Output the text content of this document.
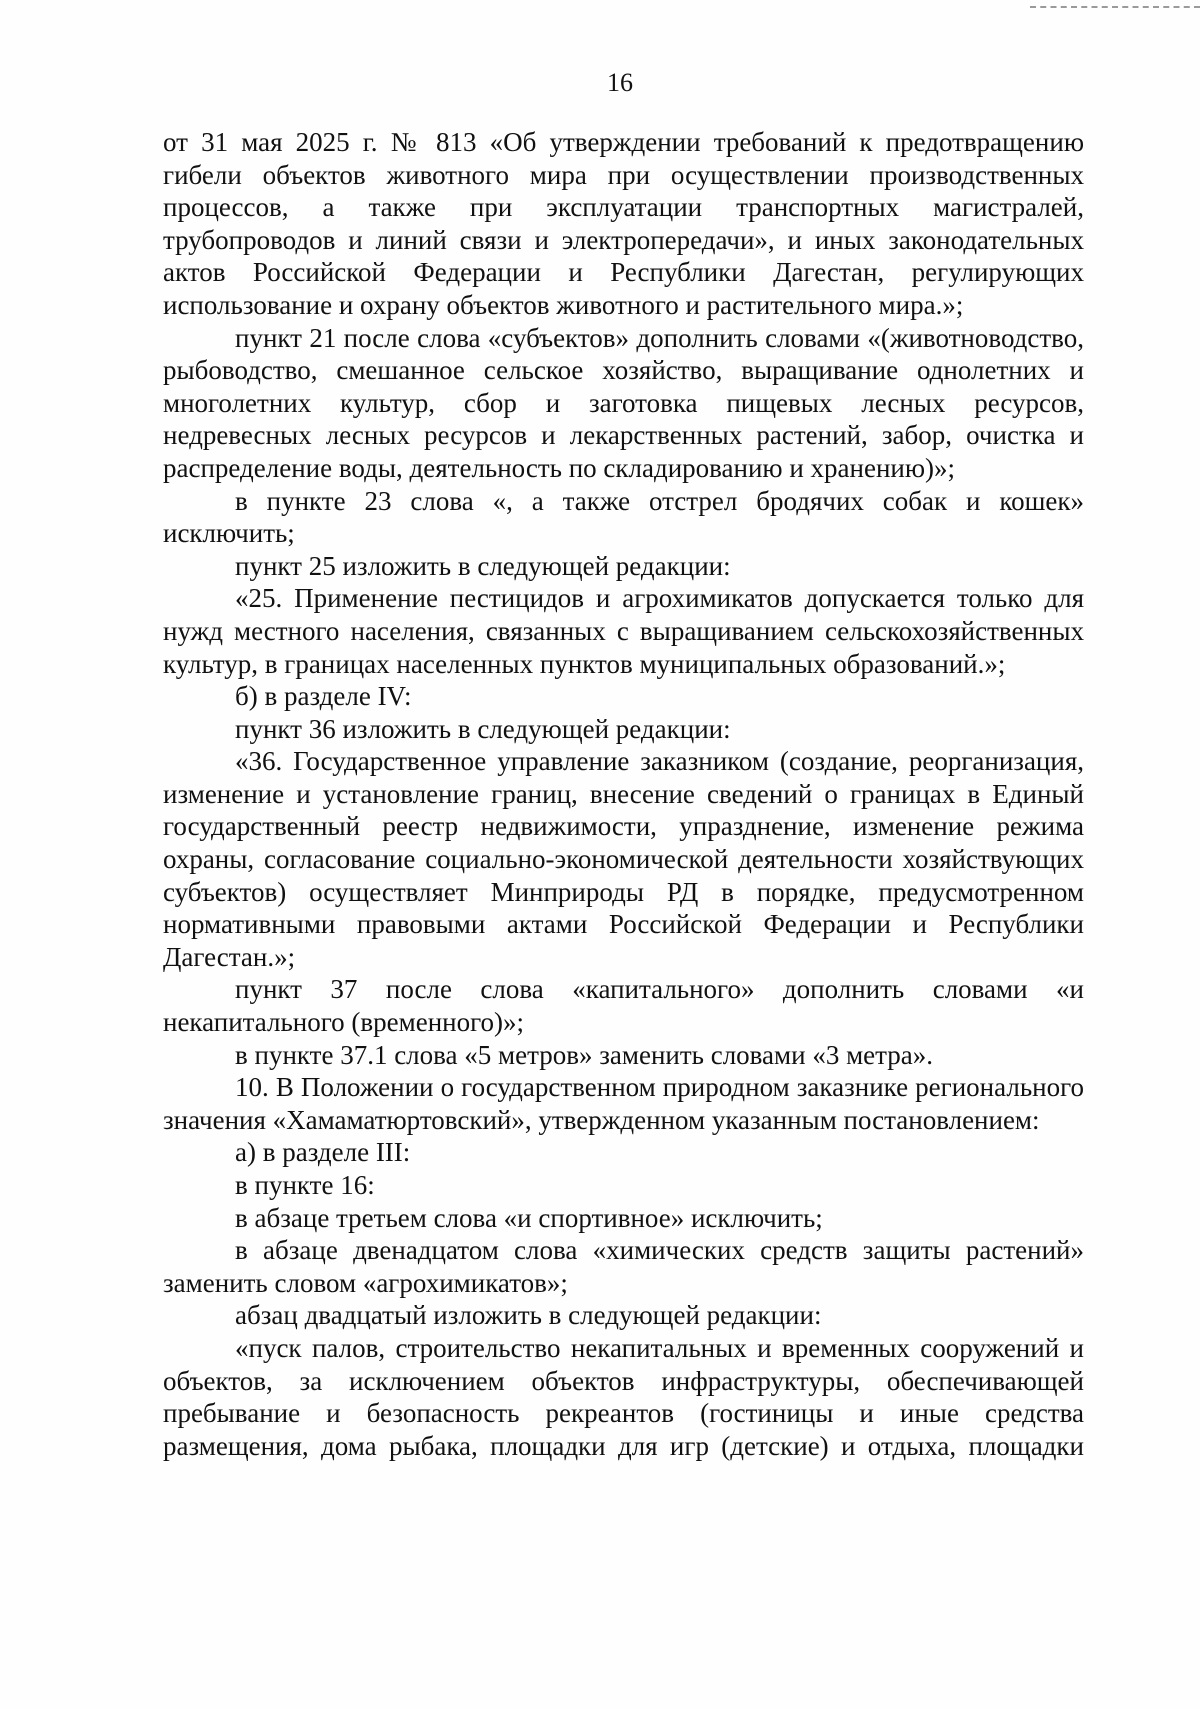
16

от 31 мая 2025 г. № 813 «Об утверждении требований к предотвращению гибели объектов животного мира при осуществлении производственных процессов, а также при эксплуатации транспортных магистралей, трубопроводов и линий связи и электропередачи», и иных законодательных актов Российской Федерации и Республики Дагестан, регулирующих использование и охрану объектов животного и растительного мира.»;

пункт 21 после слова «субъектов» дополнить словами «(животноводство, рыбоводство, смешанное сельское хозяйство, выращивание однолетних и многолетних культур, сбор и заготовка пищевых лесных ресурсов, недревесных лесных ресурсов и лекарственных растений, забор, очистка и распределение воды, деятельность по складированию и хранению)»;

в пункте 23 слова «, а также отстрел бродячих собак и кошек» исключить;

пункт 25 изложить в следующей редакции:

«25. Применение пестицидов и агрохимикатов допускается только для нужд местного населения, связанных с выращиванием сельскохозяйственных культур, в границах населенных пунктов муниципальных образований.»;

б) в разделе IV:

пункт 36 изложить в следующей редакции:

«36. Государственное управление заказником (создание, реорганизация, изменение и установление границ, внесение сведений о границах в Единый государственный реестр недвижимости, упразднение, изменение режима охраны, согласование социально-экономической деятельности хозяйствующих субъектов) осуществляет Минприроды РД в порядке, предусмотренном нормативными правовыми актами Российской Федерации и Республики Дагестан.»;

пункт 37 после слова «капитального» дополнить словами «и некапитального (временного)»;

в пункте 37.1 слова «5 метров» заменить словами «3 метра».

10. В Положении о государственном природном заказнике регионального значения «Хамаматюртовский», утвержденном указанным постановлением:

а) в разделе III:

в пункте 16:

в абзаце третьем слова «и спортивное» исключить;

в абзаце двенадцатом слова «химических средств защиты растений» заменить словом «агрохимикатов»;

абзац двадцатый изложить в следующей редакции:

«пуск палов, строительство некапитальных и временных сооружений и объектов, за исключением объектов инфраструктуры, обеспечивающей пребывание и безопасность рекреантов (гостиницы и иные средства размещения, дома рыбака, площадки для игр (детские) и отдыха, площадки
